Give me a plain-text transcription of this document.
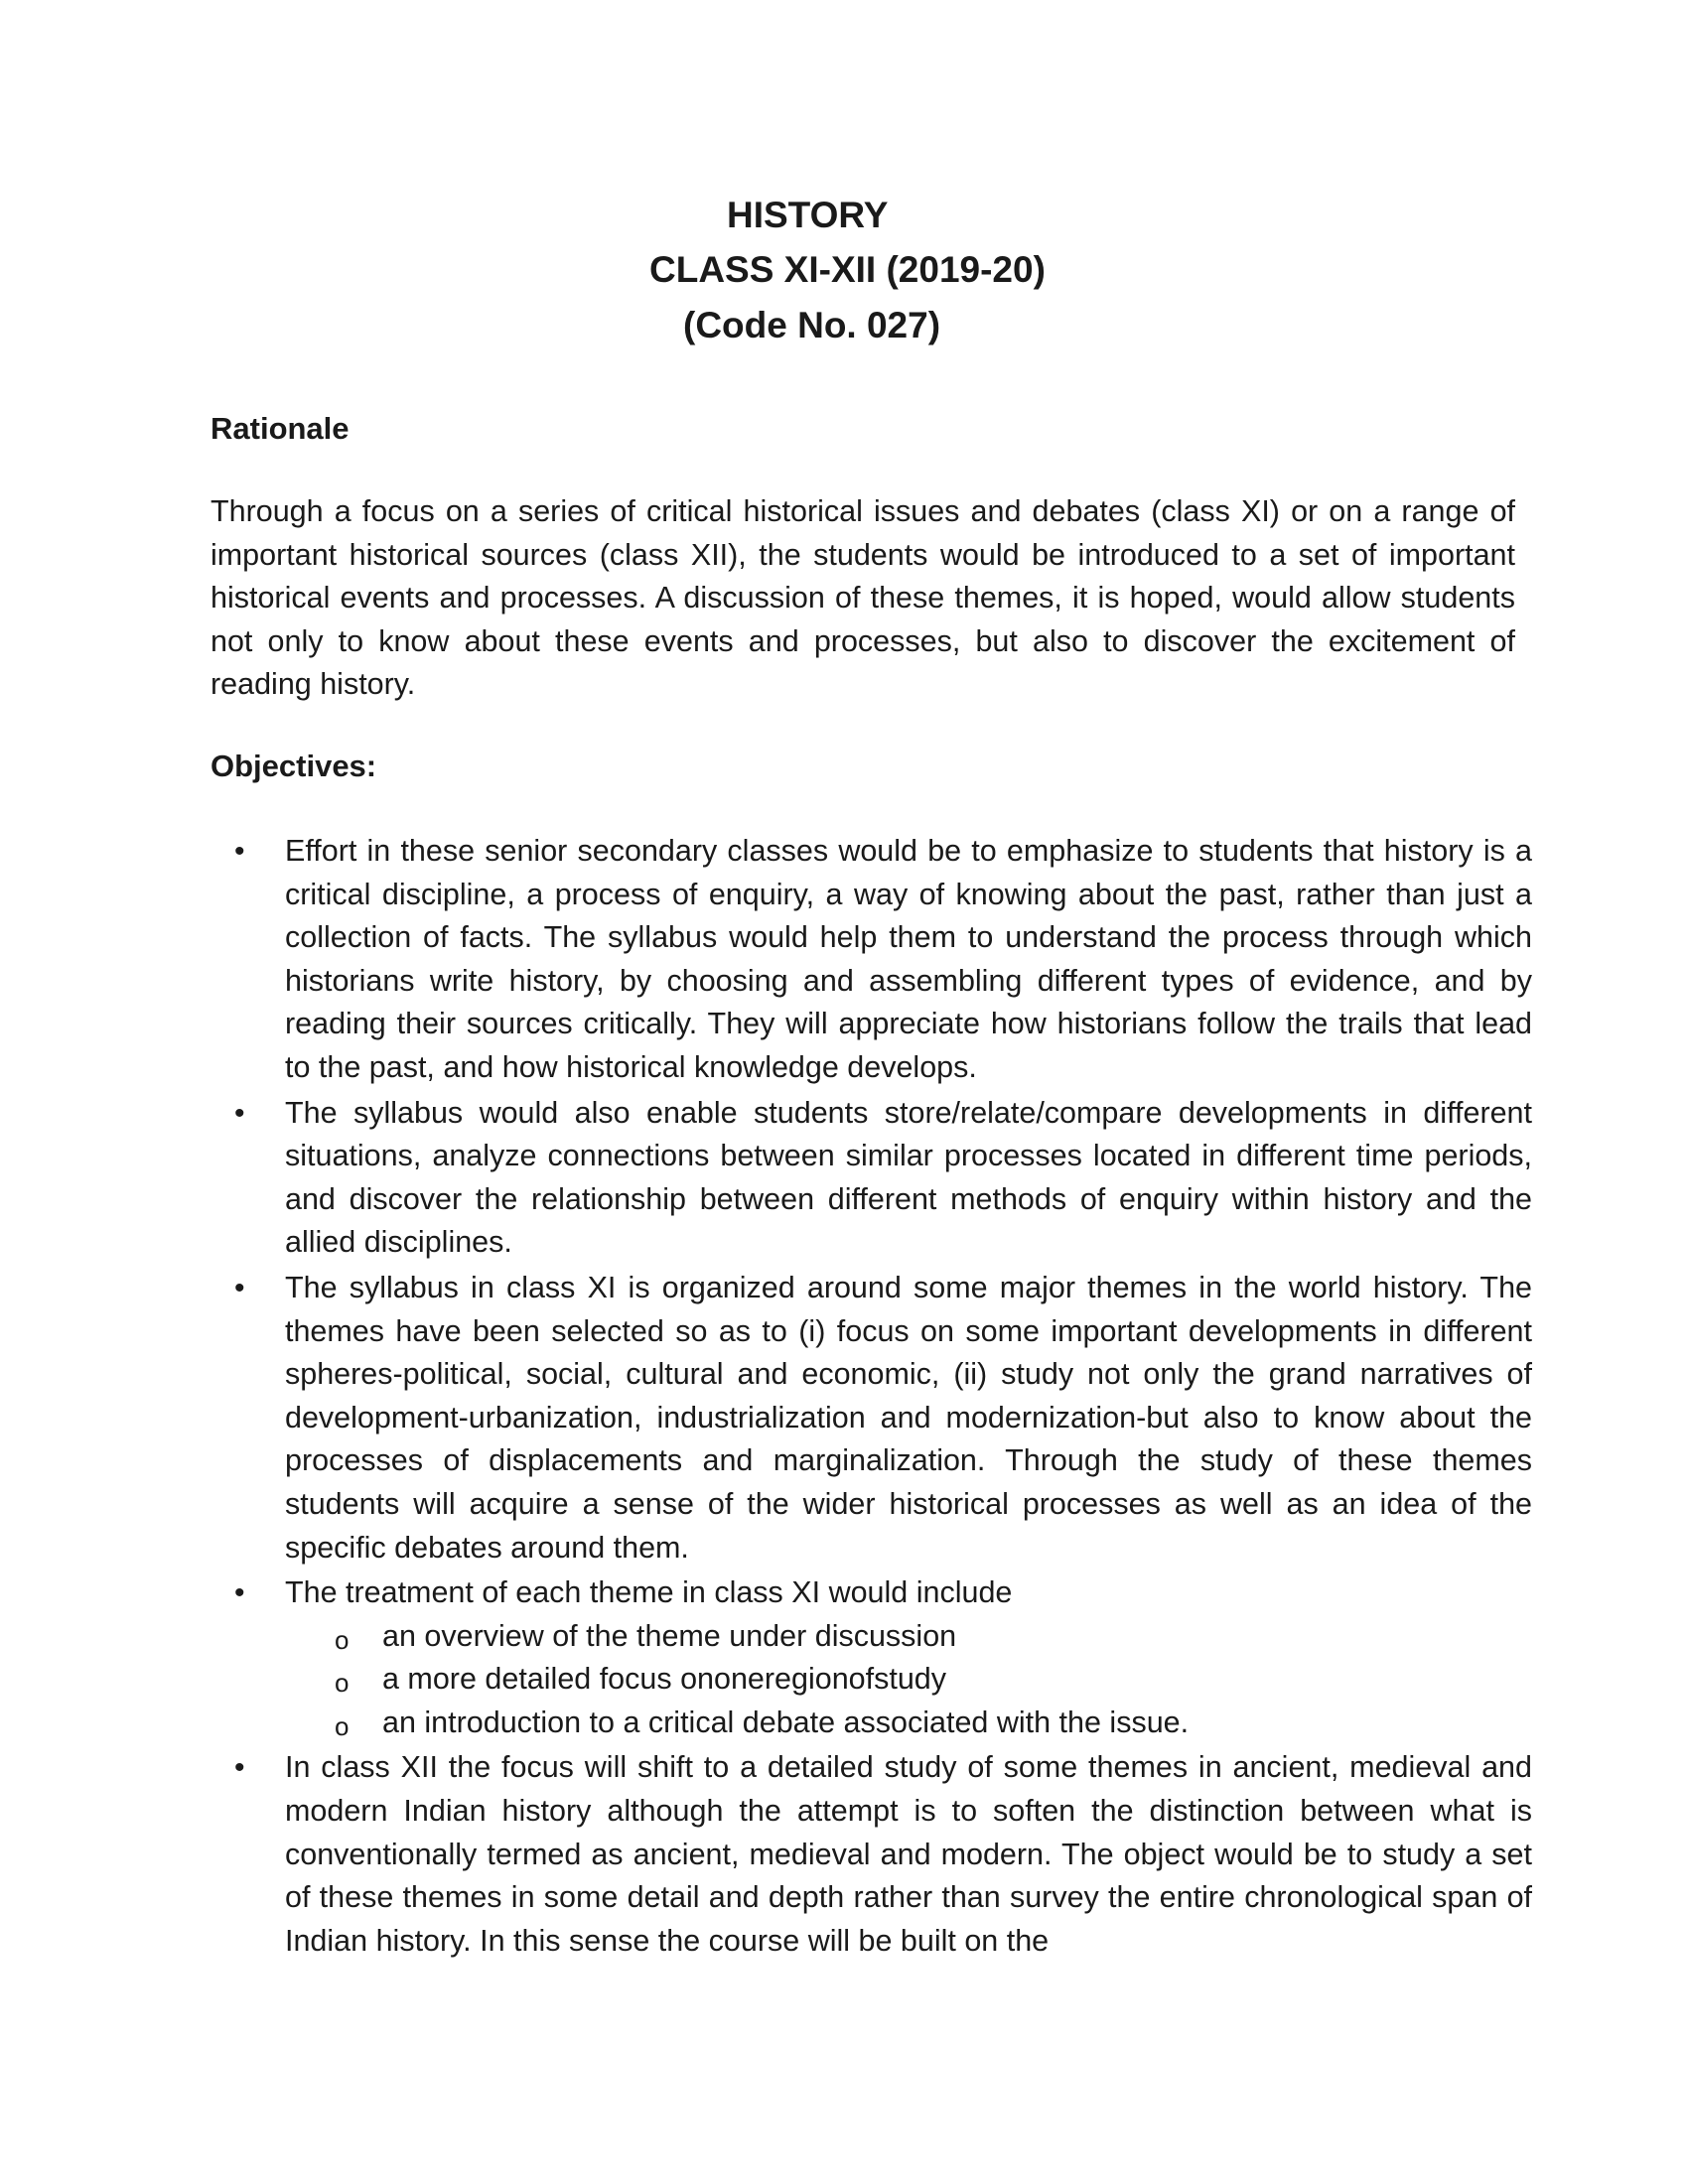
HISTORY
CLASS XI-XII (2019-20)
(Code No. 027)
Rationale

Through a focus on a series of critical historical issues and debates (class XI) or on a range of important historical sources (class XII), the students would be introduced to a set of important historical events and processes. A discussion of these themes, it is hoped, would allow students not only to know about these events and processes, but also to discover the excitement of reading history.

Objectives:
• Effort in these senior secondary classes would be to emphasize to students that history is a critical discipline, a process of enquiry, a way of knowing about the past, rather than just a collection of facts. The syllabus would help them to understand the process through which historians write history, by choosing and assembling different types of evidence, and by reading their sources critically. They will appreciate how historians follow the trails that lead to the past, and how historical knowledge develops.
• The syllabus would also enable students store/relate/compare developments in different situations, analyze connections between similar processes located in different time periods, and discover the relationship between different methods of enquiry within history and the allied disciplines.
• The syllabus in class XI is organized around some major themes in the world history. The themes have been selected so as to (i) focus on some important developments in different spheres-political, social, cultural and economic, (ii) study not only the grand narratives of development-urbanization, industrialization and modernization-but also to know about the processes of displacements and marginalization. Through the study of these themes students will acquire a sense of the wider historical processes as well as an idea of the specific debates around them.
• The treatment of each theme in class XI would include
o an overview of the theme under discussion
o a more detailed focus ononeregionofstudy
o an introduction to a critical debate associated with the issue.
• In class XII the focus will shift to a detailed study of some themes in ancient, medieval and modern Indian history although the attempt is to soften the distinction between what is conventionally termed as ancient, medieval and modern. The object would be to study a set of these themes in some detail and depth rather than survey the entire chronological span of Indian history. In this sense the course will be built on the
